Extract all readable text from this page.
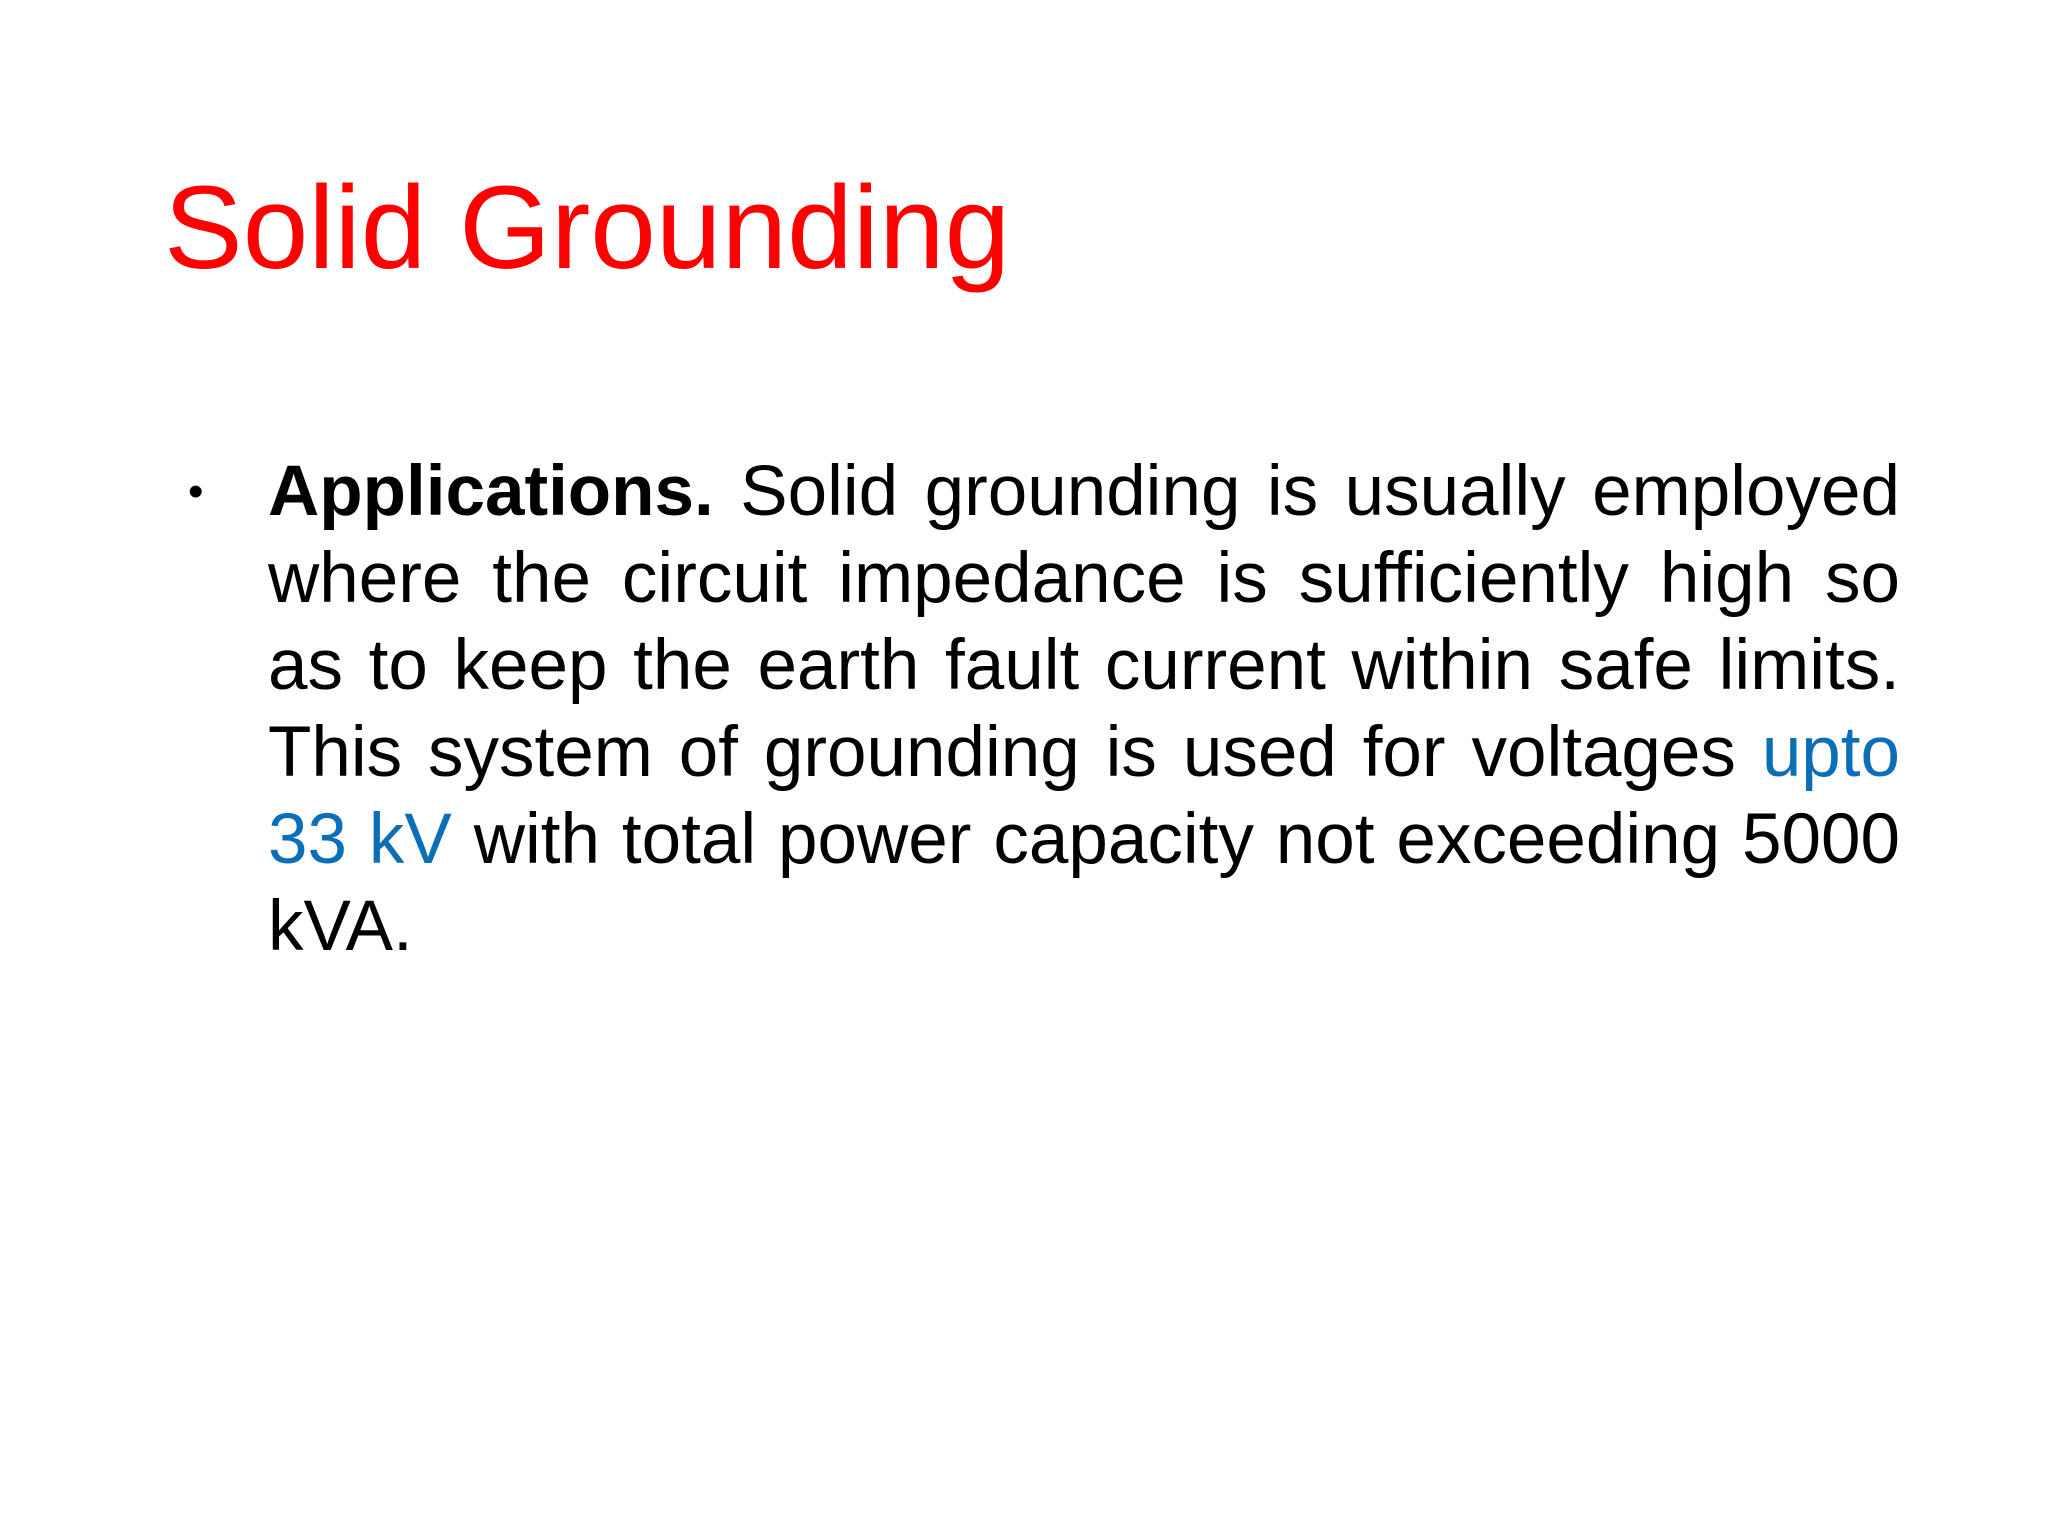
Solid Grounding
• Applications. Solid grounding is usually employed where the circuit impedance is sufficiently high so as to keep the earth fault current within safe limits. This system of grounding is used for voltages upto 33 kV with total power capacity not exceeding 5000 kVA.
